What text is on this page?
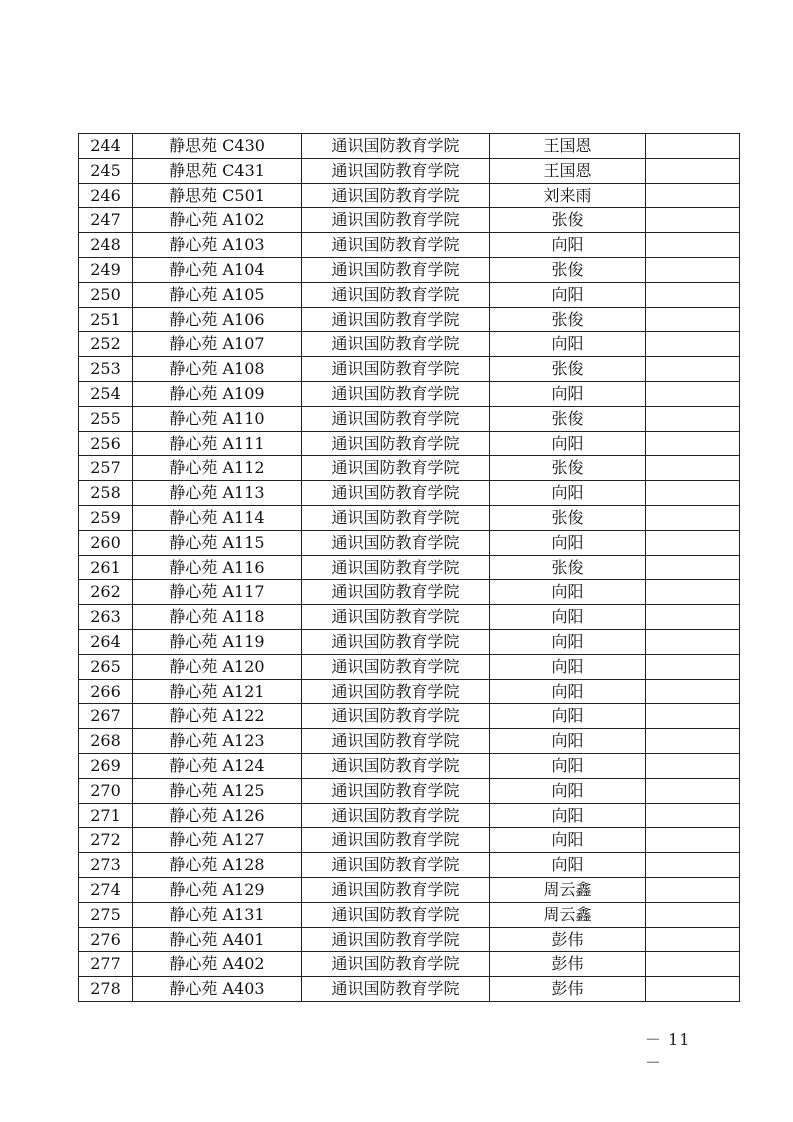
244	静思苑 C430	通识国防教育学院	王国恩	
245	静思苑 C431	通识国防教育学院	王国恩	
246	静思苑 C501	通识国防教育学院	刘来雨	
247	静心苑 A102	通识国防教育学院	张俊	
248	静心苑 A103	通识国防教育学院	向阳	
249	静心苑 A104	通识国防教育学院	张俊	
250	静心苑 A105	通识国防教育学院	向阳	
251	静心苑 A106	通识国防教育学院	张俊	
252	静心苑 A107	通识国防教育学院	向阳	
253	静心苑 A108	通识国防教育学院	张俊	
254	静心苑 A109	通识国防教育学院	向阳	
255	静心苑 A110	通识国防教育学院	张俊	
256	静心苑 A111	通识国防教育学院	向阳	
257	静心苑 A112	通识国防教育学院	张俊	
258	静心苑 A113	通识国防教育学院	向阳	
259	静心苑 A114	通识国防教育学院	张俊	
260	静心苑 A115	通识国防教育学院	向阳	
261	静心苑 A116	通识国防教育学院	张俊	
262	静心苑 A117	通识国防教育学院	向阳	
263	静心苑 A118	通识国防教育学院	向阳	
264	静心苑 A119	通识国防教育学院	向阳	
265	静心苑 A120	通识国防教育学院	向阳	
266	静心苑 A121	通识国防教育学院	向阳	
267	静心苑 A122	通识国防教育学院	向阳	
268	静心苑 A123	通识国防教育学院	向阳	
269	静心苑 A124	通识国防教育学院	向阳	
270	静心苑 A125	通识国防教育学院	向阳	
271	静心苑 A126	通识国防教育学院	向阳	
272	静心苑 A127	通识国防教育学院	向阳	
273	静心苑 A128	通识国防教育学院	向阳	
274	静心苑 A129	通识国防教育学院	周云鑫	
275	静心苑 A131	通识国防教育学院	周云鑫	
276	静心苑 A401	通识国防教育学院	彭伟	
277	静心苑 A402	通识国防教育学院	彭伟	
278	静心苑 A403	通识国防教育学院	彭伟	
－ 11 －
